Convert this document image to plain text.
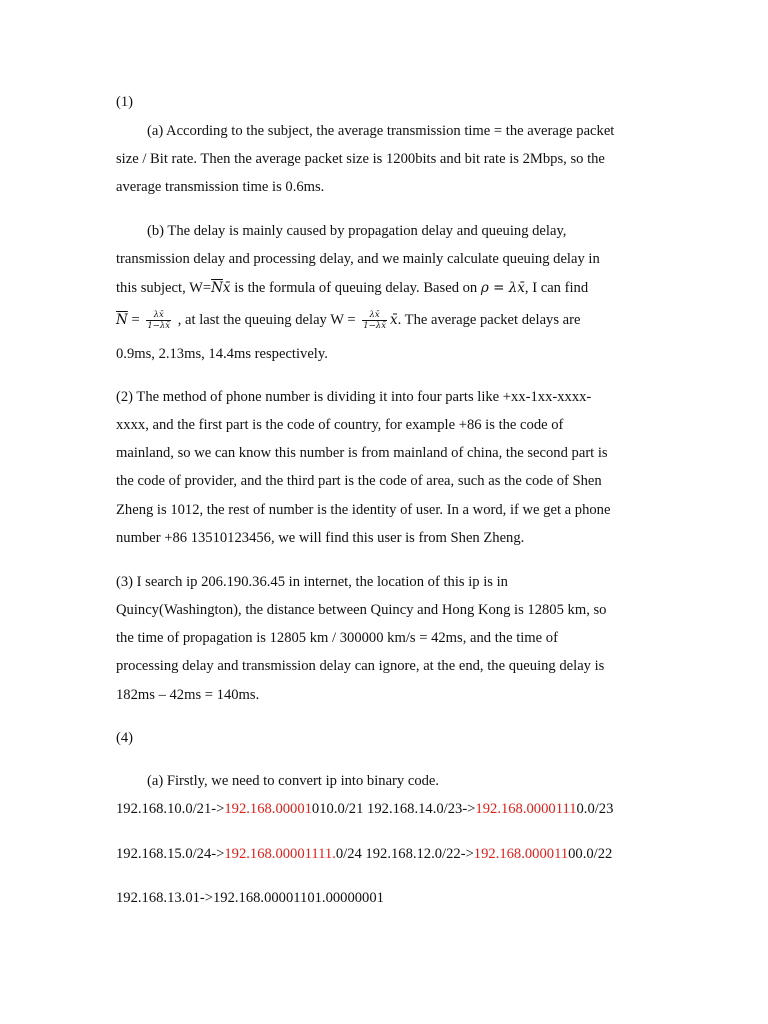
(1)
(a) According to the subject, the average transmission time = the average packet
size / Bit rate. Then the average packet size is 1200bits and bit rate is 2Mbps, so the
average transmission time is 0.6ms.
(b) The delay is mainly caused by propagation delay and queuing delay,
transmission delay and processing delay, and we mainly calculate queuing delay in
this subject, $W=\overline{N}x̄$ is the formula of queuing delay. Based on ρ = λx̄, I can find
$\overline{N} = \frac{\lambda x̄}{1-\lambda x̄}$ , at last the queuing delay $W = \frac{\lambda x̄}{1-\lambda x̄}$ x̄. The average packet delays are
0.9ms, 2.13ms, 14.4ms respectively.
(2) The method of phone number is dividing it into four parts like +xx-1xx-xxxx-
xxxx, and the first part is the code of country, for example +86 is the code of
mainland, so we can know this number is from mainland of china, the second part is
the code of provider, and the third part is the code of area, such as the code of Shen
Zheng is 1012, the rest of number is the identity of user. In a word, if we get a phone
number +86 13510123456, we will find this user is from Shen Zheng.
(3) I search ip 206.190.36.45 in internet, the location of this ip is in
Quincy(Washington), the distance between Quincy and Hong Kong is 12805 km, so
the time of propagation is 12805 km / 300000 km/s = 42ms, and the time of
processing delay and transmission delay can ignore, at the end, the queuing delay is
182ms – 42ms = 140ms.
(4)
(a) Firstly, we need to convert ip into binary code.
192.168.10.0/21->192.168.00001010.0/21 192.168.14.0/23->192.168.00001110.0/23
192.168.15.0/24->192.168.00001111.0/24 192.168.12.0/22->192.168.00001100.0/22
192.168.13.01->192.168.00001101.00000001
